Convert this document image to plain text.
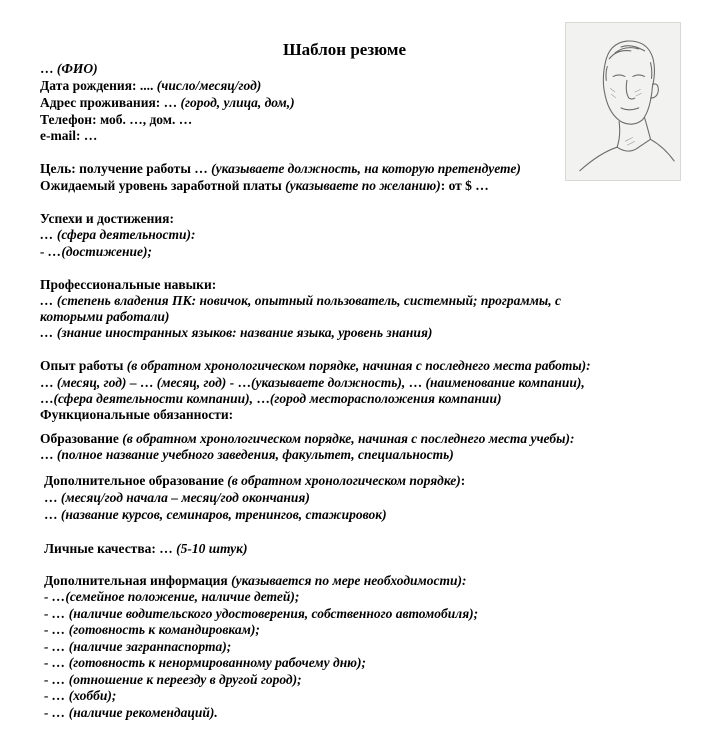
Шаблон резюме
… (ФИО)
Дата рождения: .... (число/месяц/год)
Адрес проживания: … (город, улица, дом,)
Телефон: моб. …, дом. …
e-mail: …
Цель: получение работы … (указываете должность, на которую претендуете)
Ожидаемый уровень заработной платы (указываете по желанию): от $ …
Успехи и достижения:
… (сфера деятельности):
- …(достижение);
Профессиональные навыки:
… (степень владения ПК: новичок, опытный пользователь, системный; программы, с
которыми работали)
… (знание иностранных языков: название языка, уровень знания)
Опыт работы (в обратном хронологическом порядке, начиная с последнего места работы):
… (месяц, год) – … (месяц, год) - …(указываете должность), … (наименование компании),
…(сфера деятельности компании), …(город месторасположения компании)
Функциональные обязанности:
Образование (в обратном хронологическом порядке, начиная с последнего места учебы):
… (полное название учебного заведения, факультет, специальность)
Дополнительное образование (в обратном хронологическом порядке):
… (месяц/год начала – месяц/год окончания)
… (название курсов, семинаров, тренингов, стажировок)
Личные качества: … (5-10 штук)
Дополнительная информация (указывается по мере необходимости):
- …(семейное положение, наличие детей);
- … (наличие водительского удостоверения, собственного автомобиля);
- … (готовность к командировкам);
- … (наличие загранпаспорта);
- … (готовность к ненормированному рабочему дню);
- … (отношение к переезду в другой город);
- … (хобби);
- … (наличие рекомендаций).
